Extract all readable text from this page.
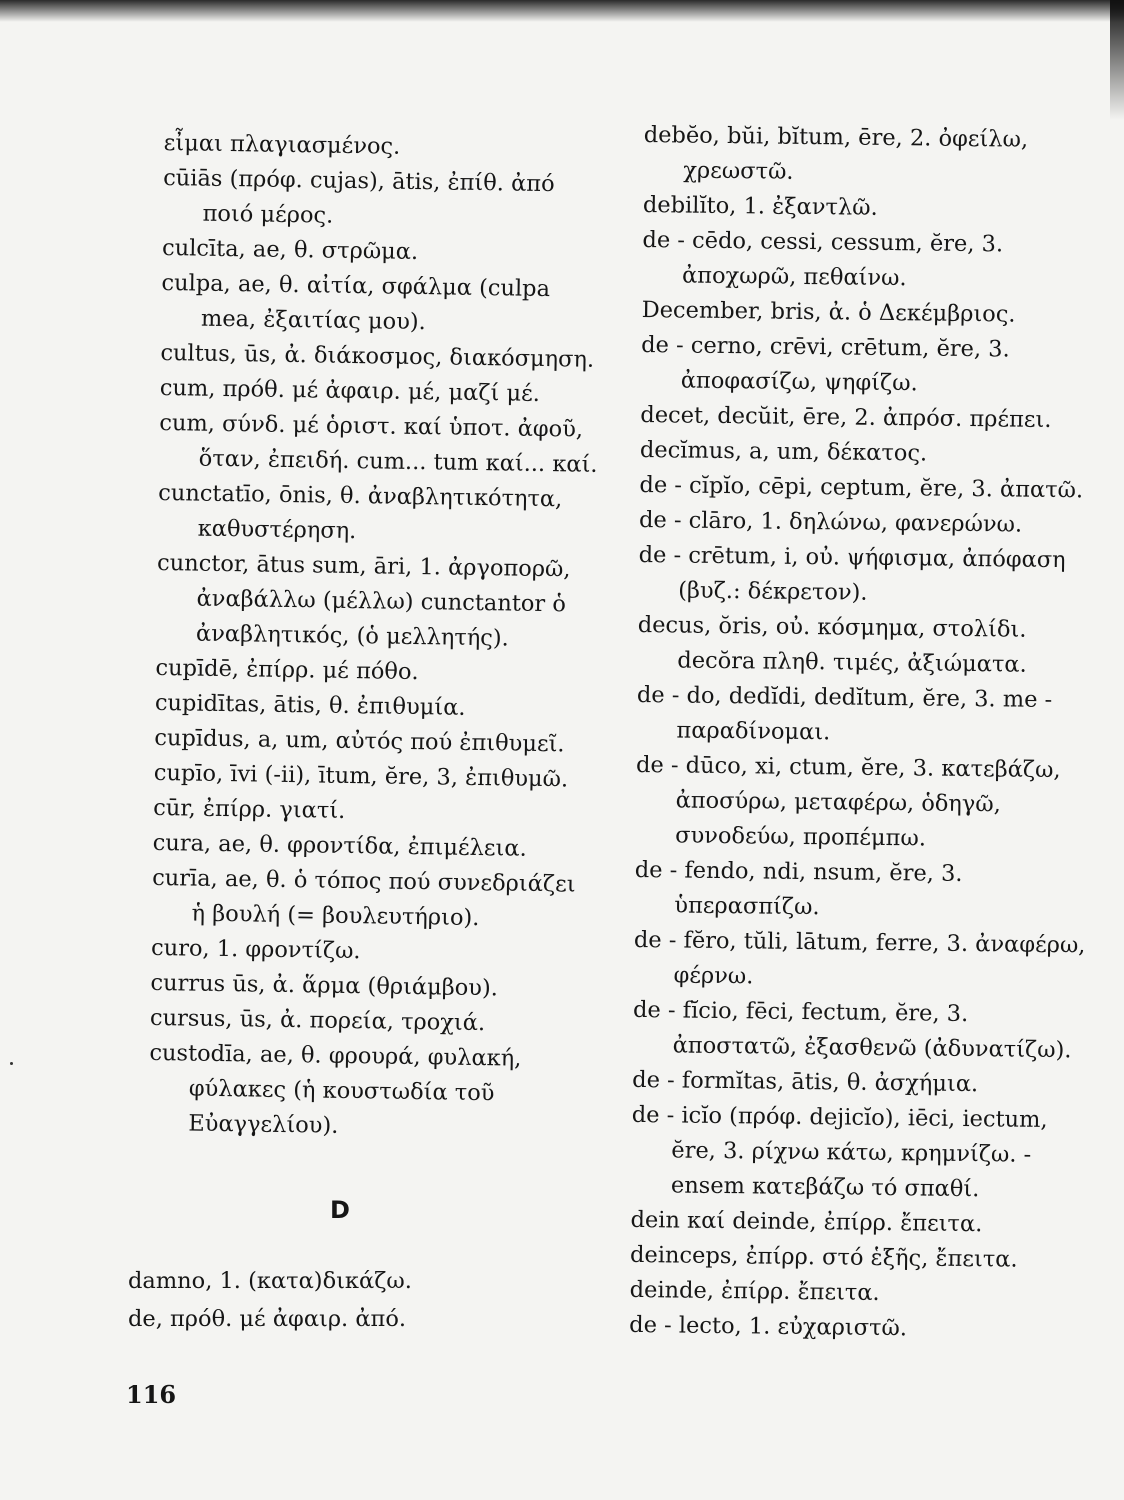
εἶμαι πλαγιασμένος.
cūiās (πρόφ. cujas), ātis, ἐπίθ. ἀπό ποιό μέρος.
culcīta, ae, θ. στρῶμα.
culpa, ae, θ. αἰτία, σφάλμα (culpa mea, ἐξαιτίας μου).
cultus, ūs, ἀ. διάκοσμος, διακόσμηση.
cum, πρόθ. μέ ἀφαιρ. μέ, μαζί μέ.
cum, σύνδ. μέ ὁριστ. καί ὑποτ. ἀφοῦ, ὅταν, ἐπειδή. cum... tum καί... καί.
cunctatīo, ōnis, θ. ἀναβλητικότητα, καθυστέρηση.
cunctor, ātus sum, āri, 1. ἀργοπορῶ, ἀναβάλλω (μέλλω) cunctantor ὁ ἀναβλητικός, (ὁ μελλητής).
cupīdē, ἐπίρρ. μέ πόθο.
cupidītas, ātis, θ. ἐπιθυμία.
cupīdus, a, um, αὐτός πού ἐπιθυμεῖ.
cupīo, īvi (-ii), ītum, ĕre, 3, ἐπιθυμῶ.
cūr, ἐπίρρ. γιατί.
cura, ae, θ. φροντίδα, ἐπιμέλεια.
curīa, ae, θ. ὁ τόπος πού συνεδριάζει ἡ βουλή (= βουλευτήριο).
curo, 1. φροντίζω.
currus ūs, ἀ. ἅρμα (θριάμβου).
cursus, ūs, ἀ. πορεία, τροχιά.
custodīa, ae, θ. φρουρά, φυλακή, φύλακες (ἡ κουστωδία τοῦ Εὐαγγελίου).
D
damno, 1. (κατα)δικάζω.
de, πρόθ. μέ ἀφαιρ. ἀπό.
debĕo, bŭi, bĭtum, ēre, 2. ὀφείλω, χρεωστῶ.
debilĭto, 1. ἐξαντλῶ.
de - cēdo, cessi, cessum, ĕre, 3. ἀποχωρῶ, πεθαίνω.
December, bris, ἀ. ὁ Δεκέμβριος.
de - cerno, crēvi, crētum, ĕre, 3. ἀποφασίζω, ψηφίζω.
decet, decŭit, ēre, 2. ἀπρόσ. πρέπει.
decĭmus, a, um, δέκατος.
de - cĭpĭo, cēpi, ceptum, ĕre, 3. ἀπατῶ.
de - clāro, 1. δηλώνω, φανερώνω.
de - crētum, i, οὐ. ψήφισμα, ἀπόφαση (βυζ.: δέκρετον).
decus, ŏris, οὐ. κόσμημα, στολίδι. decŏra πληθ. τιμές, ἀξιώματα.
de - do, dedĭdi, dedĭtum, ĕre, 3. me - παραδίνομαι.
de - dūco, xi, ctum, ĕre, 3. κατεβάζω, ἀποσύρω, μεταφέρω, ὁδηγῶ, συνοδεύω, προπέμπω.
de - fendo, ndi, nsum, ĕre, 3. ὑπερασπίζω.
de - fĕro, tŭli, lātum, ferre, 3. ἀναφέρω, φέρνω.
de - fĭcio, fēci, fectum, ĕre, 3. ἀποστατῶ, ἐξασθενῶ (ἀδυνατίζω).
de - formĭtas, ātis, θ. ἀσχήμια.
de - icĭo (πρόφ. dejicĭo), iēci, iectum, ĕre, 3. ρίχνω κάτω, κρημνίζω. -ensem κατεβάζω τό σπαθί.
dein καί deinde, ἐπίρρ. ἔπειτα.
deinceps, ἐπίρρ. στό ἑξῆς, ἔπειτα.
deinde, ἐπίρρ. ἔπειτα.
de - lecto, 1. εὐχαριστῶ.
116
